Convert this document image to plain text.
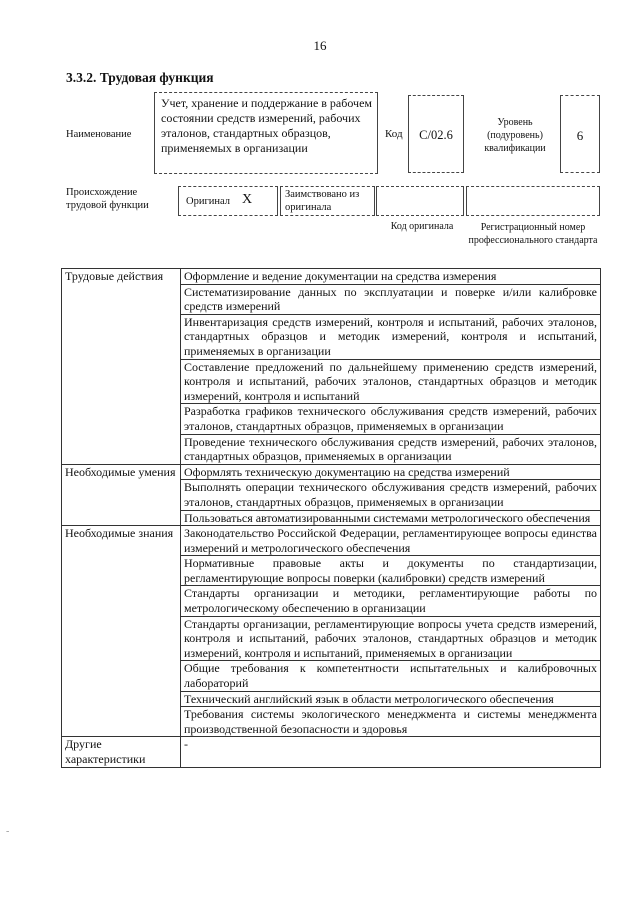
16
3.3.2. Трудовая функция
Наименование
Учет, хранение и поддержание в рабочем состоянии средств измерений, рабочих эталонов, стандартных образцов, применяемых в организации
Код	С/02.6
Уровень (подуровень) квалификации
6
Происхождение трудовой функции	Оригинал X	Заимствовано из оригинала
Код оригинала	Регистрационный номер профессионального стандарта
Трудовые действия	Оформление и ведение документации на средства измерения
	Систематизирование данных по эксплуатации и поверке и/или калибровке средств измерений
	Инвентаризация средств измерений, контроля и испытаний, рабочих эталонов, стандартных образцов и методик измерений, контроля и испытаний, применяемых в организации
	Составление предложений по дальнейшему применению средств измерений, контроля и испытаний, рабочих эталонов, стандартных образцов и методик измерений, контроля и испытаний
	Разработка графиков технического обслуживания средств измерений, рабочих эталонов, стандартных образцов, применяемых в организации
	Проведение технического обслуживания средств измерений, рабочих эталонов, стандартных образцов, применяемых в организации
Необходимые умения	Оформлять техническую документацию на средства измерений
	Выполнять операции технического обслуживания средств измерений, рабочих эталонов, стандартных образцов, применяемых в организации
	Пользоваться автоматизированными системами метрологического обеспечения
Необходимые знания	Законодательство Российской Федерации, регламентирующее вопросы единства измерений и метрологического обеспечения
	Нормативные правовые акты и документы по стандартизации, регламентирующие вопросы поверки (калибровки) средств измерений
	Стандарты организации и методики, регламентирующие работы по метрологическому обеспечению в организации
	Стандарты организации, регламентирующие вопросы учета средств измерений, контроля и испытаний, рабочих эталонов, стандартных образцов и методик измерений, контроля и испытаний, применяемых в организации
	Общие требования к компетентности испытательных и калибровочных лабораторий
	Технический английский язык в области метрологического обеспечения
	Требования системы экологического менеджмента и системы менеджмента производственной безопасности и здоровья
Другие характеристики	-
-
